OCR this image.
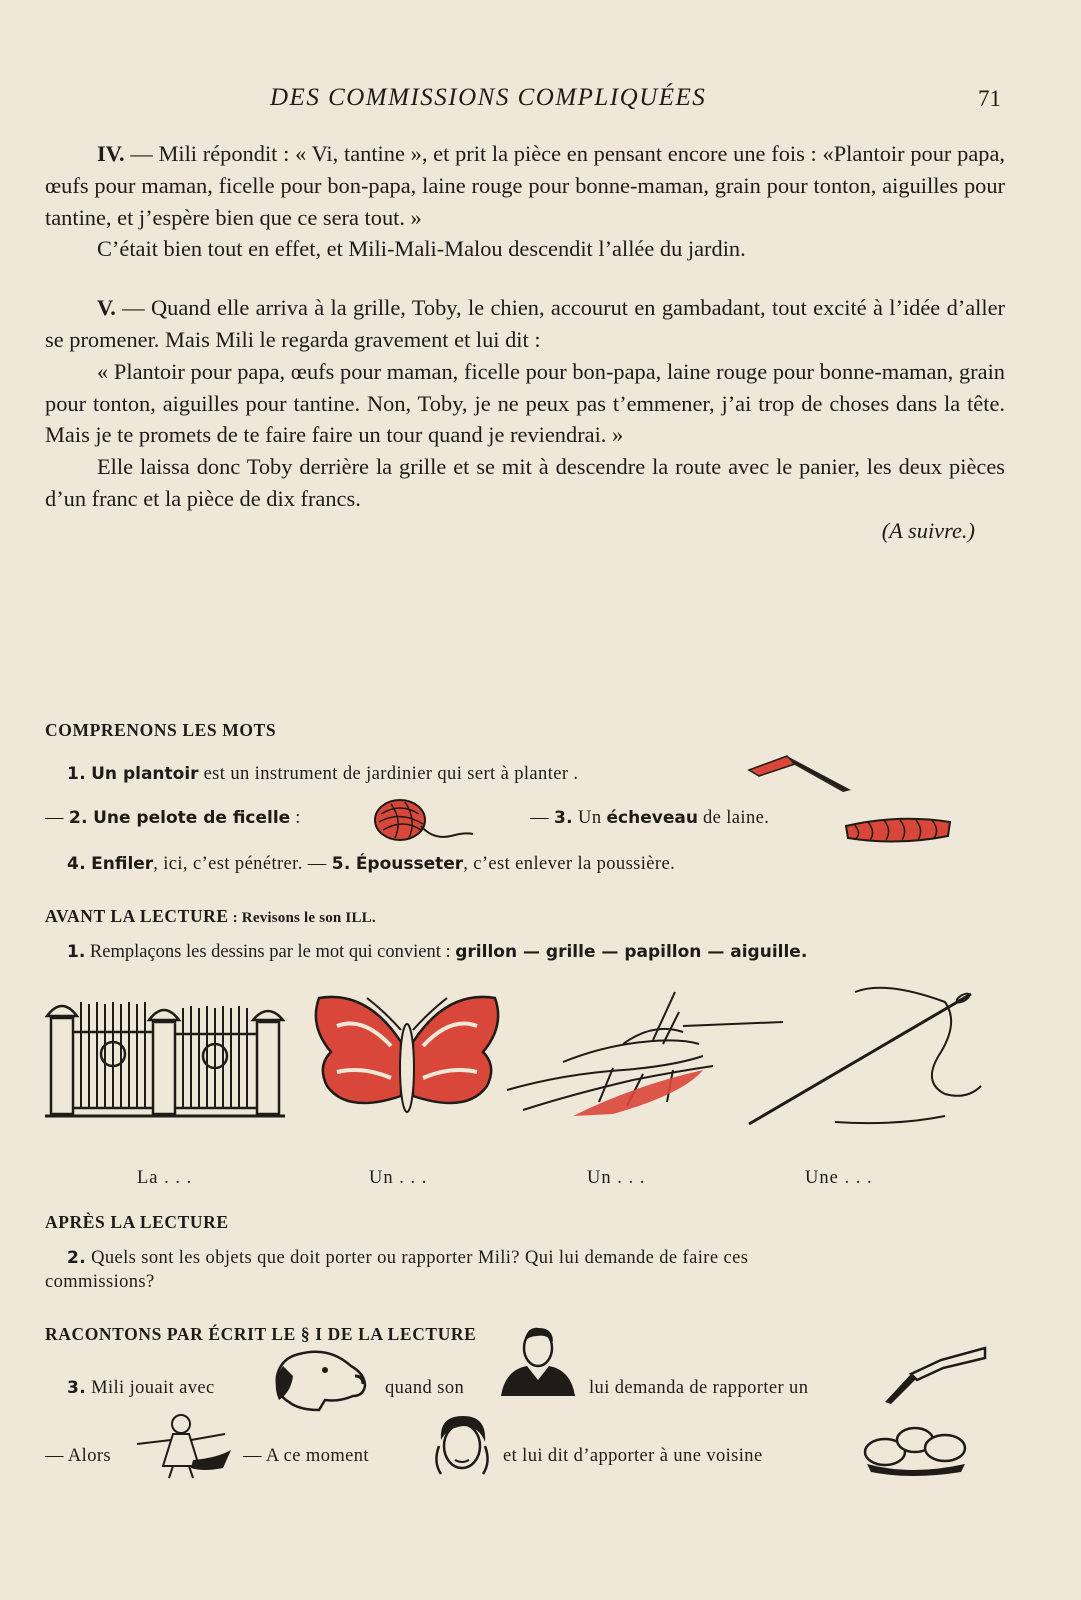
DES COMMISSIONS COMPLIQUÉES	71

IV. — Mili répondit : « Vi, tantine », et prit la pièce en pensant encore une fois : «Plantoir pour papa, œufs pour maman, ficelle pour bon-papa, laine rouge pour bonne-maman, grain pour tonton, aiguilles pour tantine, et j’espère bien que ce sera tout. »

C’était bien tout en effet, et Mili-Mali-Malou descendit l’allée du jardin.

V. — Quand elle arriva à la grille, Toby, le chien, accourut en gambadant, tout excité à l’idée d’aller se promener. Mais Mili le regarda gravement et lui dit :

« Plantoir pour papa, œufs pour maman, ficelle pour bon-papa, laine rouge pour bonne-maman, grain pour tonton, aiguilles pour tantine. Non, Toby, je ne peux pas t’emmener, j’ai trop de choses dans la tête. Mais je te promets de te faire faire un tour quand je reviendrai. »

Elle laissa donc Toby derrière la grille et se mit à descendre la route avec le panier, les deux pièces d’un franc et la pièce de dix francs.

(A suivre.)

COMPRENONS LES MOTS
1. Un plantoir est un instrument de jardinier qui sert à planter .
— 2. Une pelote de ficelle :	— 3. Un écheveau de laine.
4. Enfiler, ici, c’est pénétrer. — 5. Épousseter, c’est enlever la poussière.
AVANT LA LECTURE : Revisons le son ILL.
1. Remplaçons les dessins par le mot qui convient : grillon — grille — papillon — aiguille.
La . . .	Un . . .	Un . . .	Une . . .
APRÈS LA LECTURE
2. Quels sont les objets que doit porter ou rapporter Mili? Qui lui demande de faire ces
commissions?
RACONTONS PAR ÉCRIT LE § I DE LA LECTURE
3. Mili jouait avec	quand son	lui demanda de rapporter un
— Alors	— A ce moment	et lui dit d’apporter à une voisine
